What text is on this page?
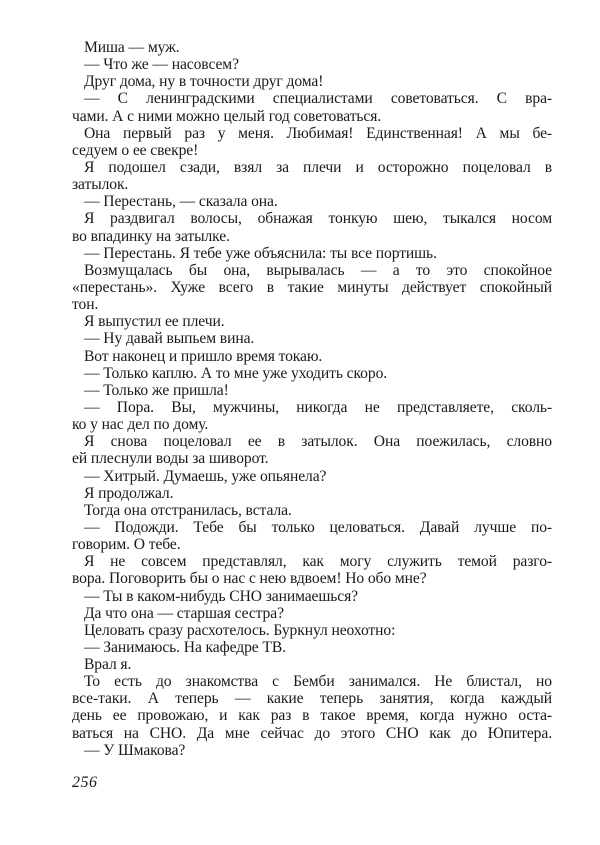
Миша — муж.
— Что же — насовсем?
Друг дома, ну в точности друг дома!
— С ленинградскими специалистами советоваться. С вра-
чами. А с ними можно целый год советоваться.
Она первый раз у меня. Любимая! Единственная! А мы бе-
седуем о ее свекре!
Я подошел сзади, взял за плечи и осторожно поцеловал в
затылок.
— Перестань, — сказала она.
Я раздвигал волосы, обнажая тонкую шею, тыкался носом
во впадинку на затылке.
— Перестань. Я тебе уже объяснила: ты все портишь.
Возмущалась бы она, вырывалась — а то это спокойное
«перестань». Хуже всего в такие минуты действует спокойный
тон.
Я выпустил ее плечи.
— Ну давай выпьем вина.
Вот наконец и пришло время токаю.
— Только каплю. А то мне уже уходить скоро.
— Только же пришла!
— Пора. Вы, мужчины, никогда не представляете, сколь-
ко у нас дел по дому.
Я снова поцеловал ее в затылок. Она поежилась, словно
ей плеснули воды за шиворот.
— Хитрый. Думаешь, уже опьянела?
Я продолжал.
Тогда она отстранилась, встала.
— Подожди. Тебе бы только целоваться. Давай лучше по-
говорим. О тебе.
Я не совсем представлял, как могу служить темой разго-
вора. Поговорить бы о нас с нею вдвоем! Но обо мне?
— Ты в каком-нибудь СНО занимаешься?
Да что она — старшая сестра?
Целовать сразу расхотелось. Буркнул неохотно:
— Занимаюсь. На кафедре ТВ.
Врал я.
То есть до знакомства с Бемби занимался. Не блистал, но
все-таки. А теперь — какие теперь занятия, когда каждый
день ее провожаю, и как раз в такое время, когда нужно оста-
ваться на СНО. Да мне сейчас до этого СНО как до Юпитера.
— У Шмакова?
256
